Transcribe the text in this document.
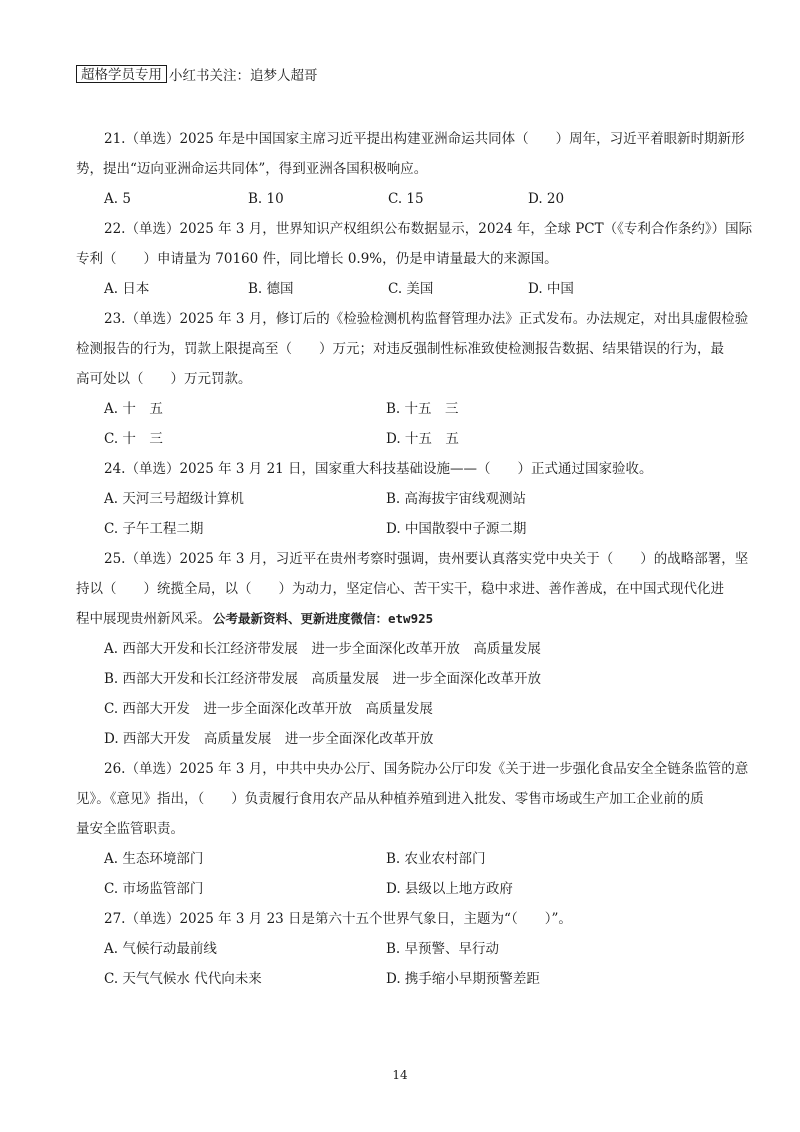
超格学员专用 小红书关注：追梦人超哥
21.（单选）2025 年是中国国家主席习近平提出构建亚洲命运共同体（　　）周年，习近平着眼新时期新形
势，提出“迈向亚洲命运共同体”，得到亚洲各国积极响应。
A. 5	B. 10	C. 15	D. 20
22.（单选）2025 年 3 月，世界知识产权组织公布数据显示，2024 年，全球 PCT（《专利合作条约》）国际
专利（　　）申请量为 70160 件，同比增长 0.9%，仍是申请量最大的来源国。
A. 日本	B. 德国	C. 美国	D. 中国
23.（单选）2025 年 3 月，修订后的《检验检测机构监督管理办法》正式发布。办法规定，对出具虚假检验
检测报告的行为，罚款上限提高至（　　）万元；对违反强制性标准致使检测报告数据、结果错误的行为，最
高可处以（　　）万元罚款。
A. 十　五	B. 十五　三
C. 十　三	D. 十五　五
24.（单选）2025 年 3 月 21 日，国家重大科技基础设施——（　　）正式通过国家验收。
A. 天河三号超级计算机	B. 高海拔宇宙线观测站
C. 子午工程二期	D. 中国散裂中子源二期
25.（单选）2025 年 3 月，习近平在贵州考察时强调，贵州要认真落实党中央关于（　　）的战略部署，坚
持以（　　）统揽全局，以（　　）为动力，坚定信心、苦干实干，稳中求进、善作善成，在中国式现代化进
程中展现贵州新风采。 公考最新资料、更新进度微信：etw925
A. 西部大开发和长江经济带发展　进一步全面深化改革开放　高质量发展
B. 西部大开发和长江经济带发展　高质量发展　进一步全面深化改革开放
C. 西部大开发　进一步全面深化改革开放　高质量发展
D. 西部大开发　高质量发展　进一步全面深化改革开放
26.（单选）2025 年 3 月，中共中央办公厅、国务院办公厅印发《关于进一步强化食品安全全链条监管的意
见》。《意见》指出，（　　）负责履行食用农产品从种植养殖到进入批发、零售市场或生产加工企业前的质
量安全监管职责。
A. 生态环境部门	B. 农业农村部门
C. 市场监管部门	D. 县级以上地方政府
27.（单选）2025 年 3 月 23 日是第六十五个世界气象日，主题为“（　　）”。
A. 气候行动最前线	B. 早预警、早行动
C. 天气气候水 代代向未来	D. 携手缩小早期预警差距
14
